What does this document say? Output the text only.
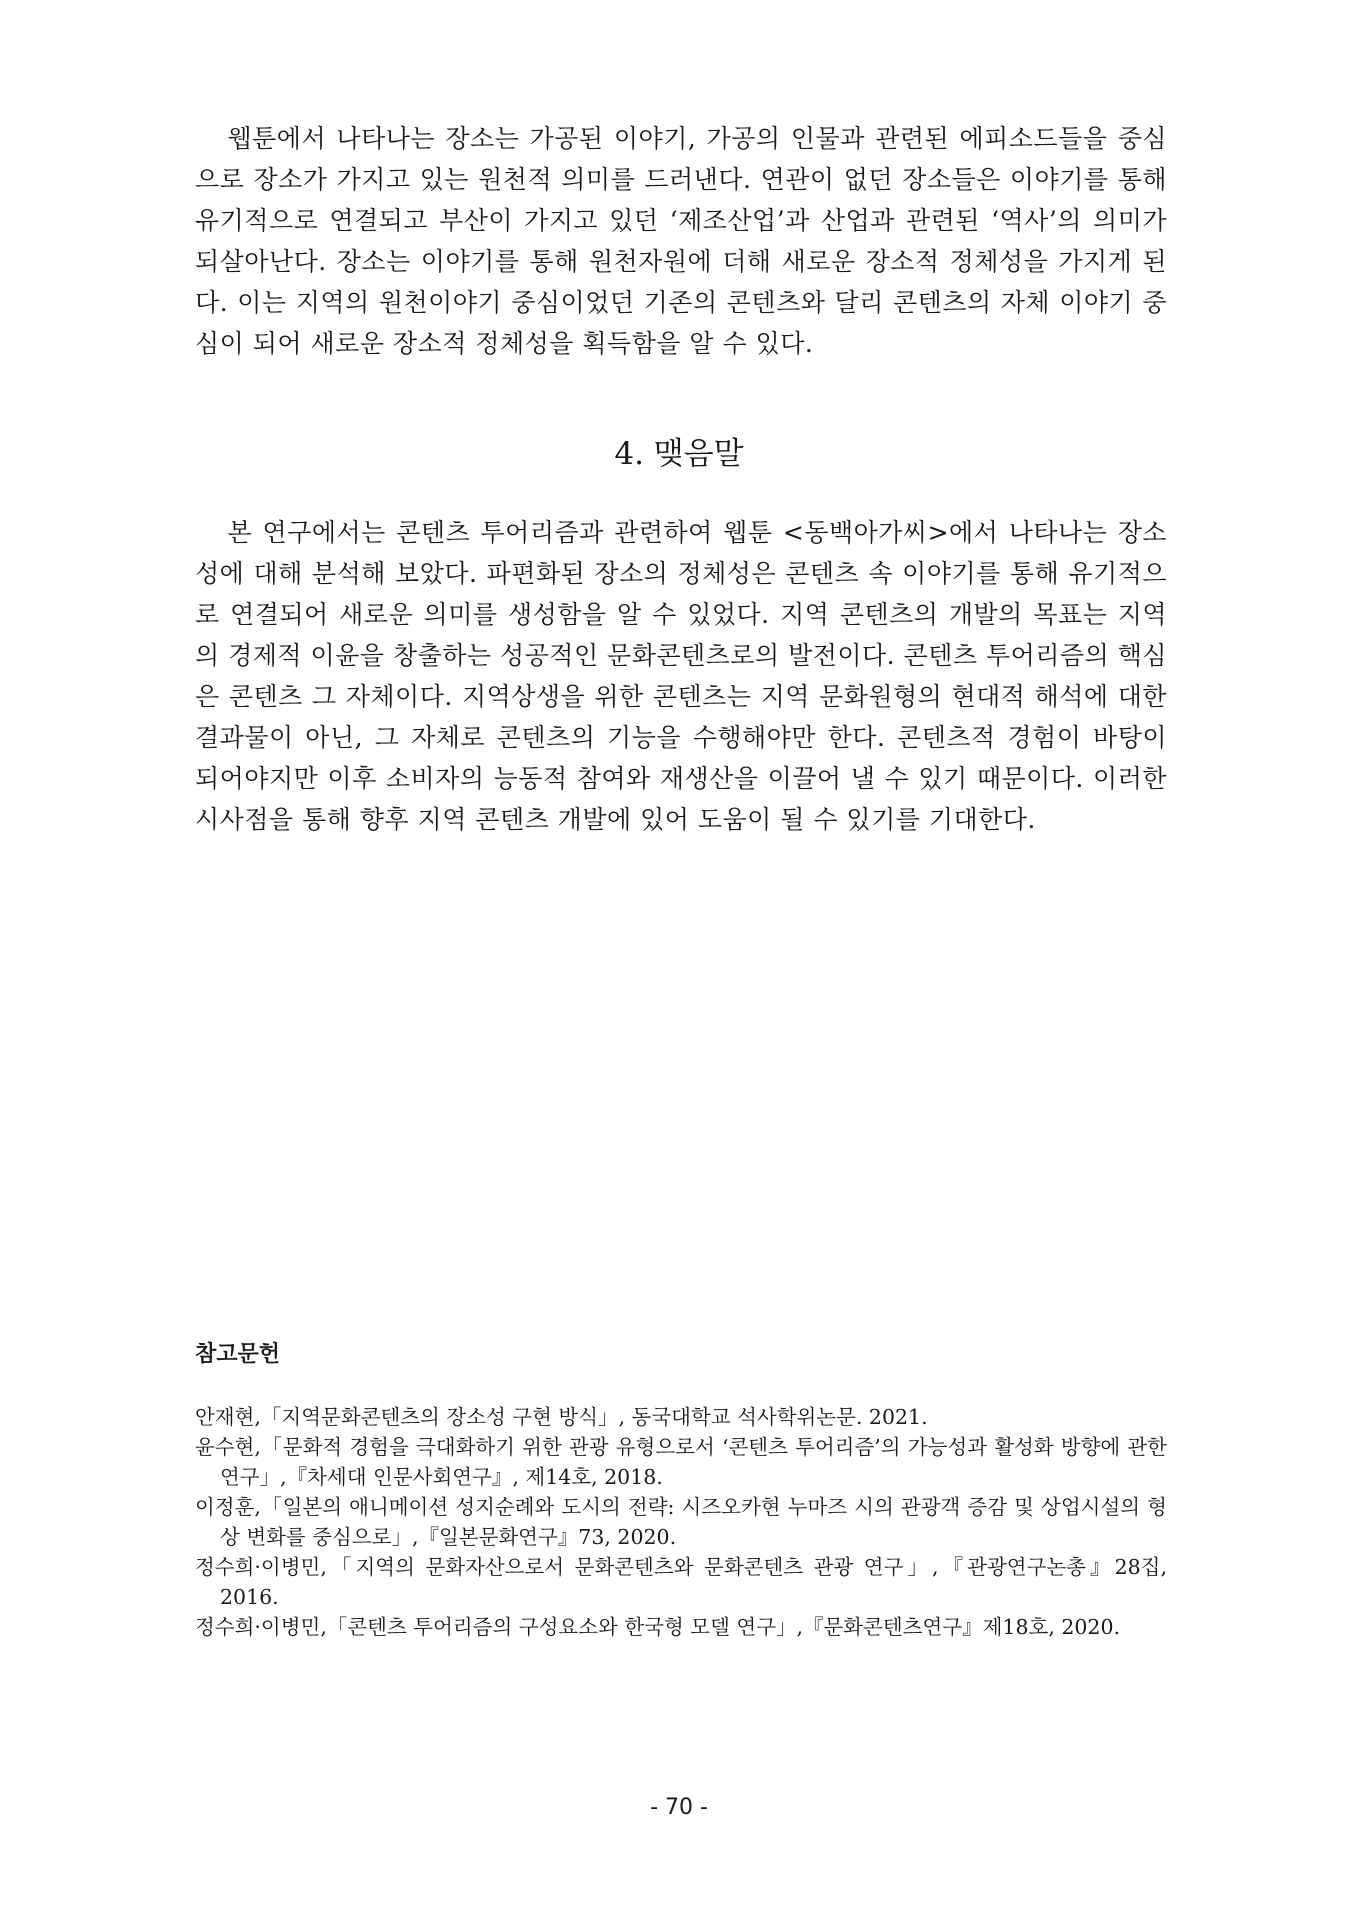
웹툰에서 나타나는 장소는 가공된 이야기, 가공의 인물과 관련된 에피소드들을 중심으로 장소가 가지고 있는 원천적 의미를 드러낸다. 연관이 없던 장소들은 이야기를 통해 유기적으로 연결되고 부산이 가지고 있던 ‘제조산업’과 산업과 관련된 ‘역사’의 의미가 되살아난다. 장소는 이야기를 통해 원천자원에 더해 새로운 장소적 정체성을 가지게 된다. 이는 지역의 원천이야기 중심이었던 기존의 콘텐츠와 달리 콘텐츠의 자체 이야기 중심이 되어 새로운 장소적 정체성을 획득함을 알 수 있다.

4. 맺음말

본 연구에서는 콘텐츠 투어리즘과 관련하여 웹툰 <동백아가씨>에서 나타나는 장소성에 대해 분석해 보았다. 파편화된 장소의 정체성은 콘텐츠 속 이야기를 통해 유기적으로 연결되어 새로운 의미를 생성함을 알 수 있었다. 지역 콘텐츠의 개발의 목표는 지역의 경제적 이윤을 창출하는 성공적인 문화콘텐츠로의 발전이다. 콘텐츠 투어리즘의 핵심은 콘텐츠 그 자체이다. 지역상생을 위한 콘텐츠는 지역 문화원형의 현대적 해석에 대한 결과물이 아닌, 그 자체로 콘텐츠의 기능을 수행해야만 한다. 콘텐츠적 경험이 바탕이 되어야지만 이후 소비자의 능동적 참여와 재생산을 이끌어 낼 수 있기 때문이다. 이러한 시사점을 통해 향후 지역 콘텐츠 개발에 있어 도움이 될 수 있기를 기대한다.

참고문헌
안재현,「지역문화콘텐츠의 장소성 구현 방식」, 동국대학교 석사학위논문. 2021.
윤수현,「문화적 경험을 극대화하기 위한 관광 유형으로서 ‘콘텐츠 투어리즘’의 가능성과 활성화 방향에 관한 연구」,『차세대 인문사회연구』, 제14호, 2018.
이정훈,「일본의 애니메이션 성지순례와 도시의 전략: 시즈오카현 누마즈 시의 관광객 증감 및 상업시설의 형상 변화를 중심으로」,『일본문화연구』73, 2020.
정수희·이병민,「지역의 문화자산으로서 문화콘텐츠와 문화콘텐츠 관광 연구」,『관광연구논총』28집, 2016.
정수희·이병민,「콘텐츠 투어리즘의 구성요소와 한국형 모델 연구」,『문화콘텐츠연구』제18호, 2020.
- 70 -
